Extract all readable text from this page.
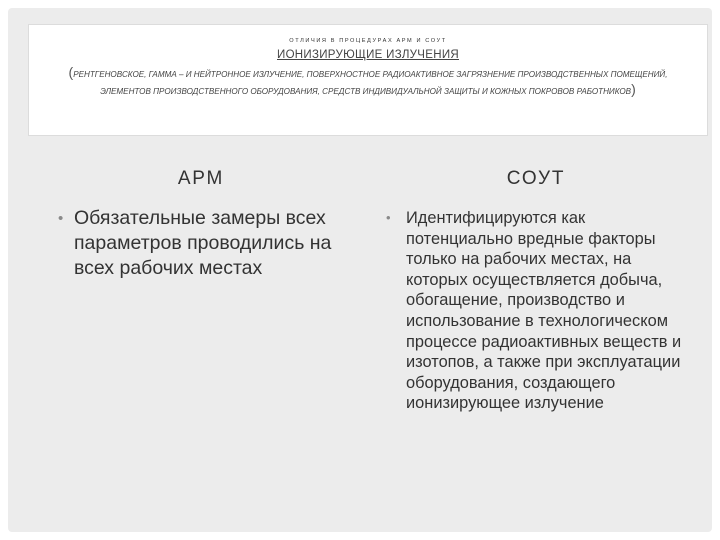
ОТЛИЧИЯ В ПРОЦЕДУРАХ АРМ И СОУТ
ИОНИЗИРУЮЩИЕ ИЗЛУЧЕНИЯ
(РЕНТГЕНОВСКОЕ, ГАММА – И НЕЙТРОННОЕ ИЗЛУЧЕНИЕ, ПОВЕРХНОСТНОЕ РАДИОАКТИВНОЕ ЗАГРЯЗНЕНИЕ ПРОИЗВОДСТВЕННЫХ ПОМЕЩЕНИЙ, ЭЛЕМЕНТОВ ПРОИЗВОДСТВЕННОГО ОБОРУДОВАНИЯ, СРЕДСТВ ИНДИВИДУАЛЬНОЙ ЗАЩИТЫ И КОЖНЫХ ПОКРОВОВ РАБОТНИКОВ)
АРМ	СОУТ
• Обязательные замеры всех параметров проводились на всех рабочих местах
• Идентифицируются как потенциально вредные факторы только на рабочих местах, на которых осуществляется добыча, обогащение, производство и использование в технологическом процессе радиоактивных веществ и изотопов, а также при эксплуатации оборудования, создающего ионизирующее излучение
